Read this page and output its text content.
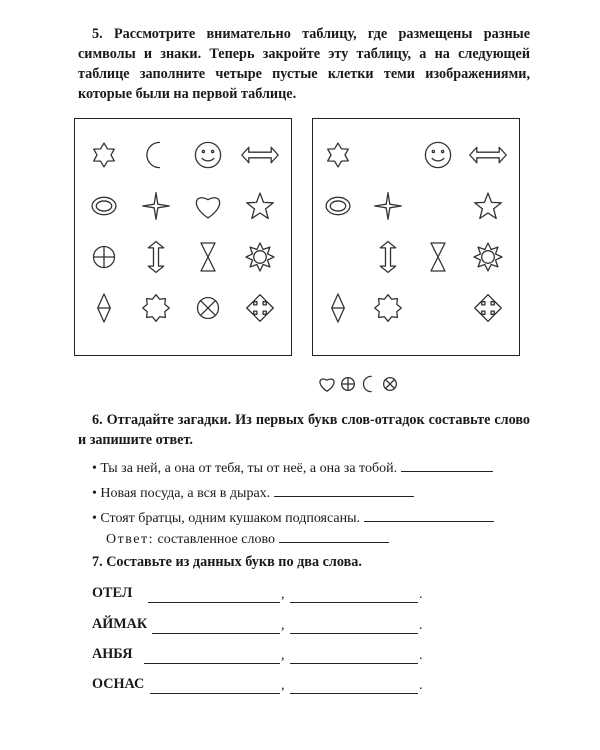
5. Рассмотрите внимательно таблицу, где размещены разные символы и знаки. Теперь закройте эту таблицу, а на следующей таблице заполните четыре пустые клетки теми изображениями, которые были на первой таблице.
6. Отгадайте загадки. Из первых букв слов-отгадок составьте слово и запишите ответ.
• Ты за ней, а она от тебя, ты от неё, а она за тобой.
• Новая посуда, а вся в дырах.
• Стоят братцы, одним кушаком подпоясаны.
Ответ: составленное слово
7. Составьте из данных букв по два слова.
ОТЕЛ	,	.
АЙМАК	,	.
АНБЯ	,	.
ОСНАС	,	.
